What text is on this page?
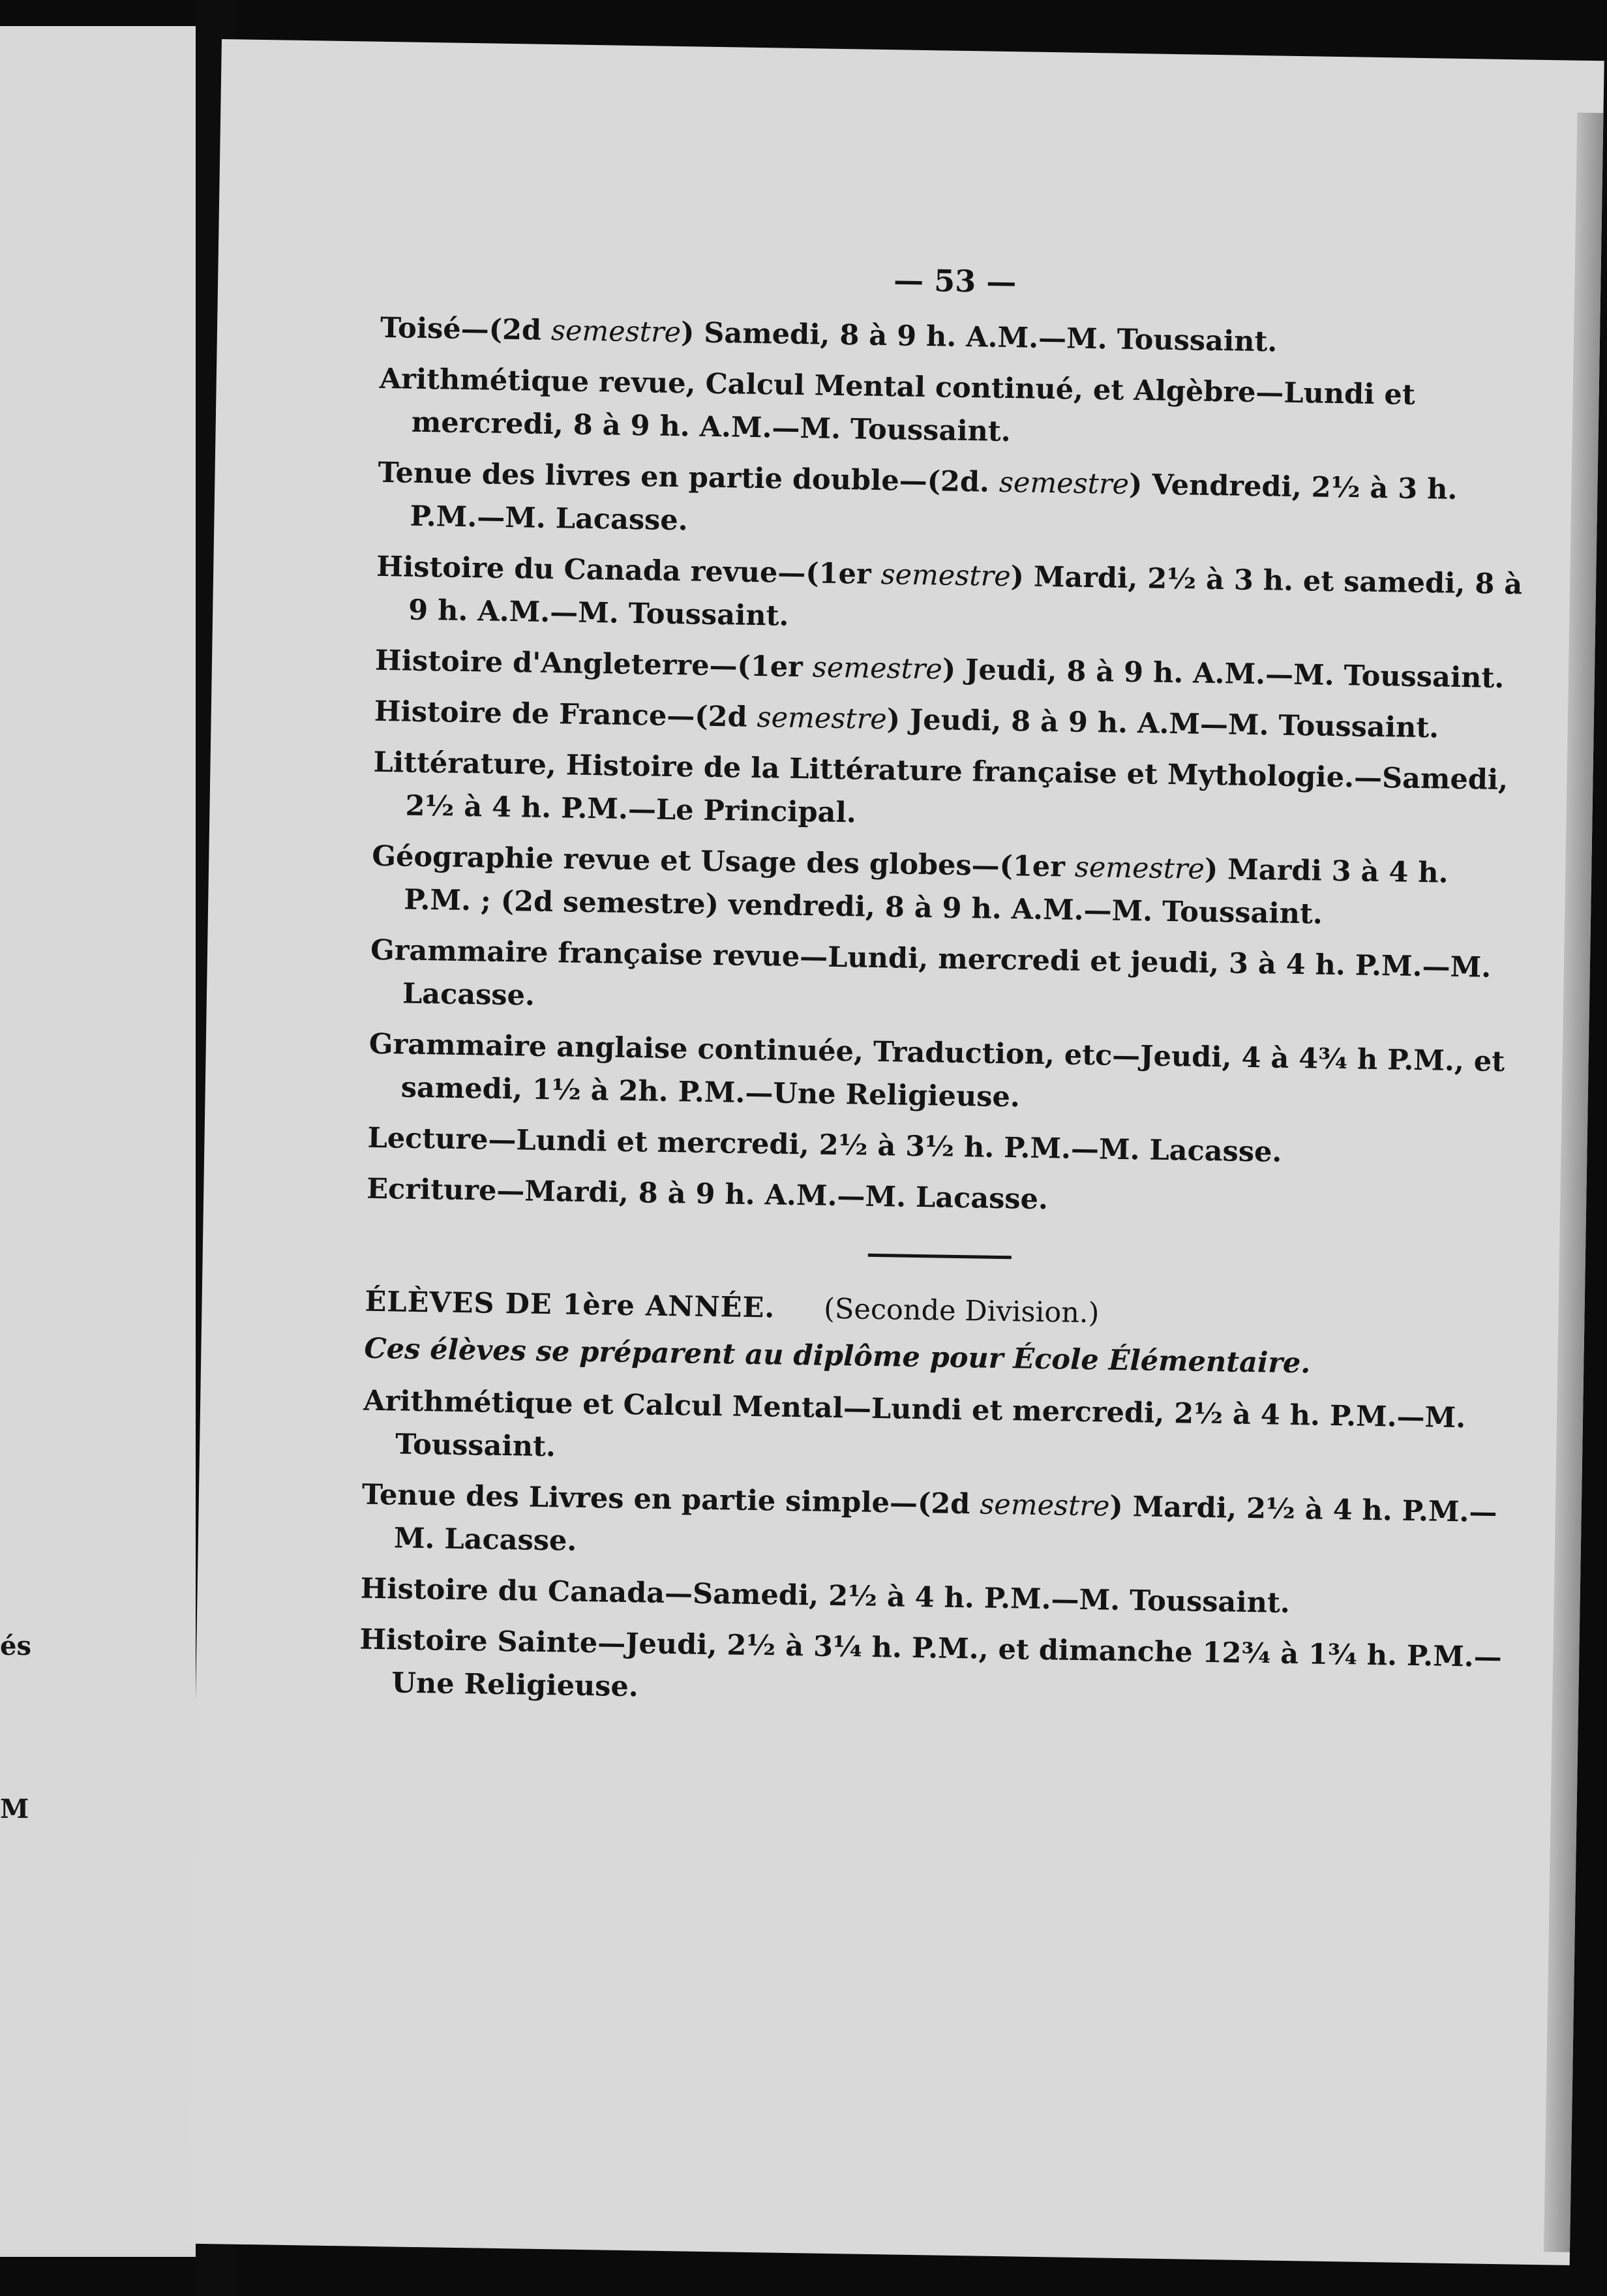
és
M
— 53 —

Toisé—(2d semestre) Samedi, 8 à 9 h. A.M.—M. Toussaint.

Arithmétique revue, Calcul Mental continué, et Algèbre—Lundi et mercredi, 8 à 9 h. A.M.—M. Toussaint.

Tenue des livres en partie double—(2d. semestre) Vendredi, 2½ à 3 h. P.M.—M. Lacasse.

Histoire du Canada revue—(1er semestre) Mardi, 2½ à 3 h. et samedi, 8 à 9 h. A.M.—M. Toussaint.

Histoire d'Angleterre—(1er semestre) Jeudi, 8 à 9 h. A.M.—M. Toussaint.

Histoire de France—(2d semestre) Jeudi, 8 à 9 h. A.M—M. Toussaint.

Littérature, Histoire de la Littérature française et Mythologie.—Samedi, 2½ à 4 h. P.M.—Le Principal.

Géographie revue et Usage des globes—(1er semestre) Mardi 3 à 4 h. P.M. ; (2d semestre) vendredi, 8 à 9 h. A.M.—M. Toussaint.

Grammaire française revue—Lundi, mercredi et jeudi, 3 à 4 h. P.M.—M. Lacasse.

Grammaire anglaise continuée, Traduction, etc—Jeudi, 4 à 4¾ h P.M., et samedi, 1½ à 2h. P.M.—Une Religieuse.

Lecture—Lundi et mercredi, 2½ à 3½ h. P.M.—M. Lacasse.

Ecriture—Mardi, 8 à 9 h. A.M.—M. Lacasse.

ÉLÈVES DE 1ère ANNÉE. (Seconde Division.)
Ces élèves se préparent au diplôme pour École Élémentaire.

Arithmétique et Calcul Mental—Lundi et mercredi, 2½ à 4 h. P.M.—M. Toussaint.

Tenue des Livres en partie simple—(2d semestre) Mardi, 2½ à 4 h. P.M.—M. Lacasse.

Histoire du Canada—Samedi, 2½ à 4 h. P.M.—M. Toussaint.

Histoire Sainte—Jeudi, 2½ à 3¼ h. P.M., et dimanche 12¾ à 1¾ h. P.M.—Une Religieuse.
